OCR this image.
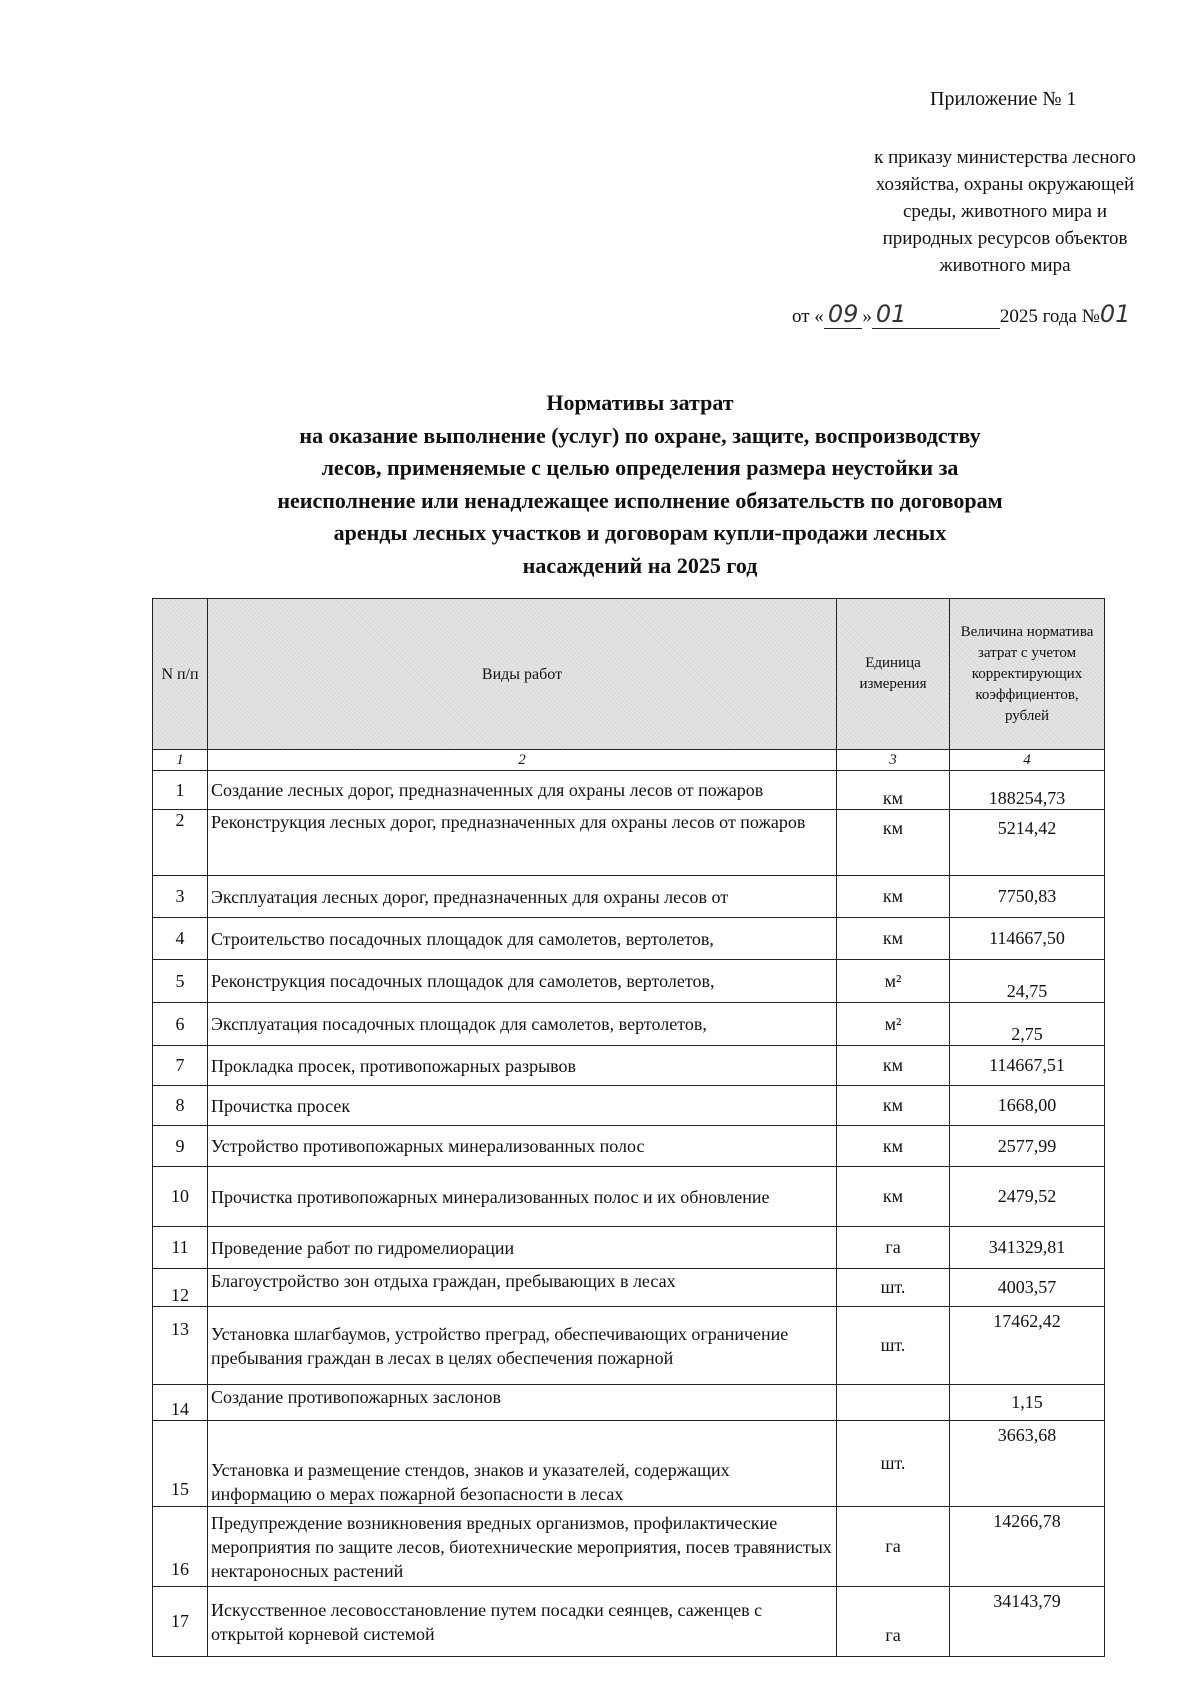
Приложение № 1
к приказу министерства лесного
хозяйства, охраны окружающей
среды, животного мира и
природных ресурсов объектов
животного мира
от « 09 » 01	2025 года №01
Нормативы затрат
на оказание выполнение (услуг) по охране, защите, воспроизводству
лесов, применяемые с целью определения размера неустойки за
неисполнение или ненадлежащее исполнение обязательств по договорам
аренды лесных участков и договорам купли-продажи лесных
насаждений на 2025 год
N п/п	Виды работ	Единица измерения	Величина норматива затрат с учетом корректирующих коэффициентов, рублей
1	2	3	4
1	Создание лесных дорог, предназначенных для охраны лесов от пожаров	км	188254,73
2	Реконструкция лесных дорог, предназначенных для охраны лесов от пожаров	км	5214,42
3	Эксплуатация лесных дорог, предназначенных для охраны лесов от	км	7750,83
4	Строительство посадочных площадок для самолетов, вертолетов,	км	114667,50
5	Реконструкция посадочных площадок для самолетов, вертолетов,	м²	24,75
6	Эксплуатация посадочных площадок для самолетов, вертолетов,	м²	2,75
7	Прокладка просек, противопожарных разрывов	км	114667,51
8	Прочистка просек	км	1668,00
9	Устройство противопожарных минерализованных полос	км	2577,99
10	Прочистка противопожарных минерализованных полос и их обновление	км	2479,52
11	Проведение работ по гидромелиорации	га	341329,81
12	Благоустройство зон отдыха граждан, пребывающих в лесах	шт.	4003,57
13	Установка шлагбаумов, устройство преград, обеспечивающих ограничение пребывания граждан в лесах в целях обеспечения пожарной	шт.	17462,42
14	Создание противопожарных заслонов		1,15
15	Установка и размещение стендов, знаков и указателей, содержащих информацию о мерах пожарной безопасности в лесах	шт.	3663,68
16	Предупреждение возникновения вредных организмов, профилактические мероприятия по защите лесов, биотехнические мероприятия, посев травянистых нектароносных растений	га	14266,78
17	Искусственное лесовосстановление путем посадки сеянцев, саженцев с открытой корневой системой	га	34143,79
